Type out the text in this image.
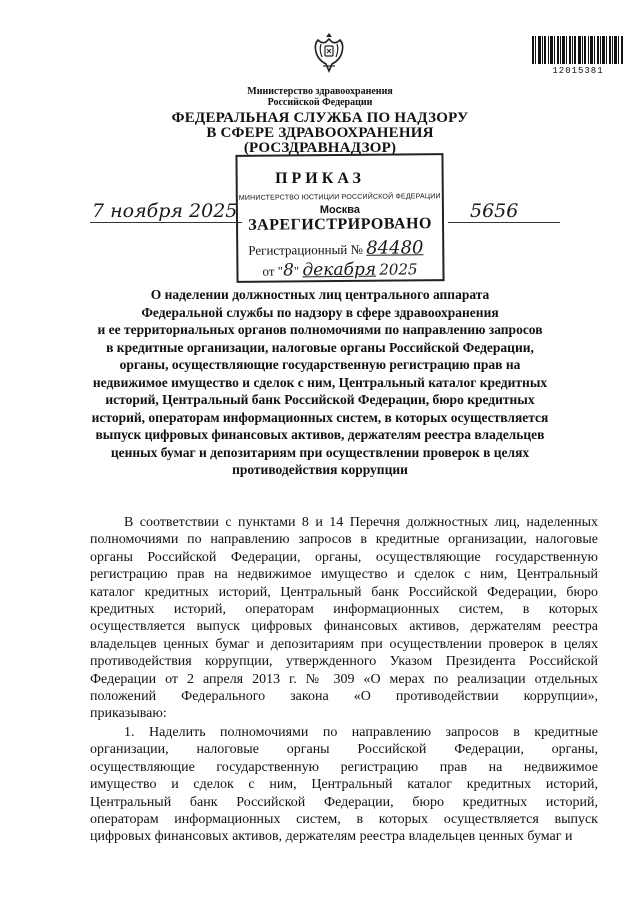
12015381
Министерство здравоохранения
Российской Федерации
ФЕДЕРАЛЬНАЯ СЛУЖБА ПО НАДЗОРУ
В СФЕРЕ ЗДРАВООХРАНЕНИЯ
(РОСЗДРАВНАДЗОР)
МИНИСТЕРСТВО ЮСТИЦИИ РОССИЙСКОЙ ФЕДЕРАЦИИ
Москва
ЗАРЕГИСТРИРОВАНО
Регистрационный № 84480
от "8" декабря 2025
ПРИКАЗ
7 ноября 2025	5656
О наделении должностных лиц центрального аппарата
Федеральной службы по надзору в сфере здравоохранения
и ее территориальных органов полномочиями по направлению запросов
в кредитные организации, налоговые органы Российской Федерации,
органы, осуществляющие государственную регистрацию прав на
недвижимое имущество и сделок с ним, Центральный каталог кредитных
историй, Центральный банк Российской Федерации, бюро кредитных
историй, операторам информационных систем, в которых осуществляется
выпуск цифровых финансовых активов, держателям реестра владельцев
ценных бумаг и депозитариям при осуществлении проверок в целях
противодействия коррупции
В соответствии с пунктами 8 и 14 Перечня должностных лиц, наделенных
полномочиями по направлению запросов в кредитные организации, налоговые
органы Российской Федерации, органы, осуществляющие государственную
регистрацию прав на недвижимое имущество и сделок с ним, Центральный
каталог кредитных историй, Центральный банк Российской Федерации, бюро
кредитных историй, операторам информационных систем, в которых
осуществляется выпуск цифровых финансовых активов, держателям реестра
владельцев ценных бумаг и депозитариям при осуществлении проверок в целях
противодействия коррупции, утвержденного Указом Президента Российской
Федерации от 2 апреля 2013 г. № 309 «О мерах по реализации отдельных
положений Федерального закона «О противодействии коррупции»,
приказываю:
1. Наделить полномочиями по направлению запросов в кредитные
организации, налоговые органы Российской Федерации, органы,
осуществляющие государственную регистрацию прав на недвижимое
имущество и сделок с ним, Центральный каталог кредитных историй,
Центральный банк Российской Федерации, бюро кредитных историй,
операторам информационных систем, в которых осуществляется выпуск
цифровых финансовых активов, держателям реестра владельцев ценных бумаг и
